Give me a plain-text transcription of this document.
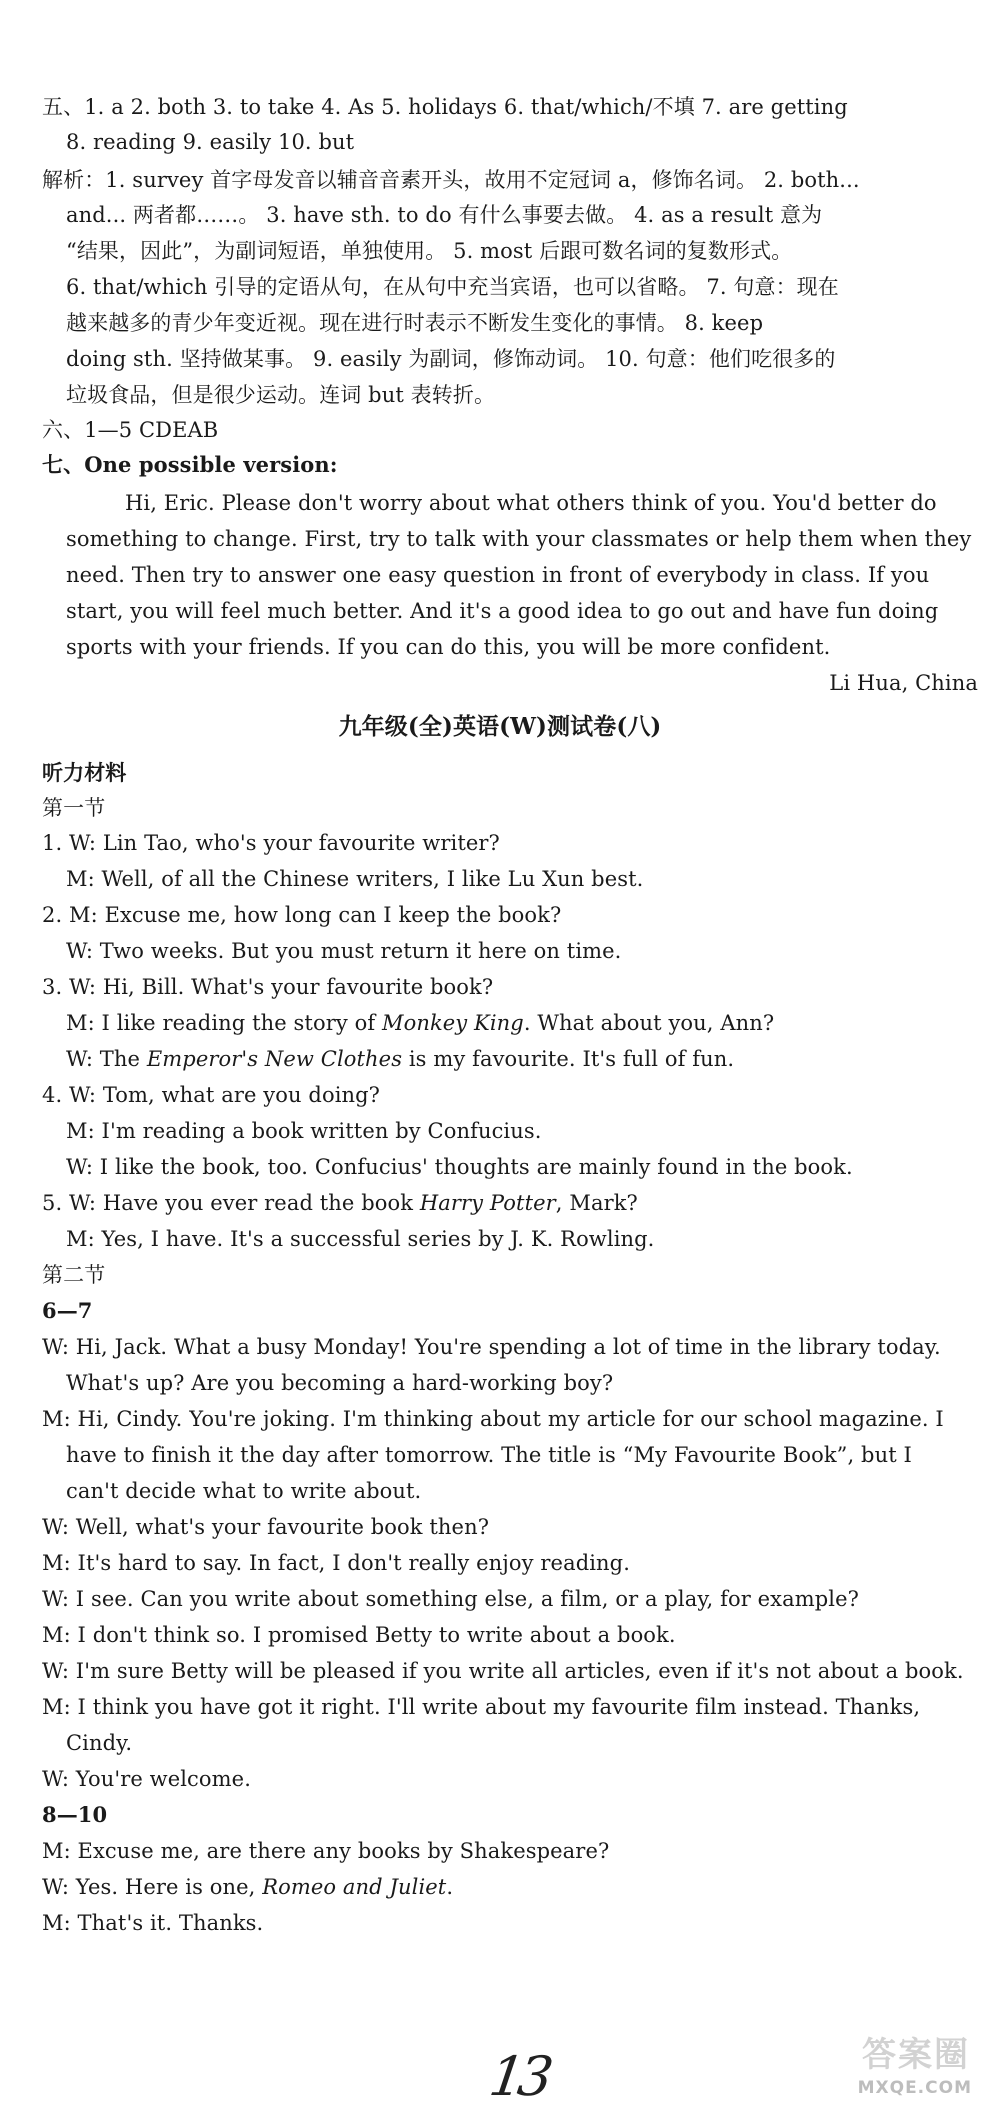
13	答案圈
MXQE.COM
五、1. a 2. both 3. to take 4. As 5. holidays 6. that/which/不填 7. are getting
8. reading 9. easily 10. but
解析：1. survey 首字母发音以辅音音素开头，故用不定冠词 a，修饰名词。 2. both...
and... 两者都……。 3. have sth. to do 有什么事要去做。 4. as a result 意为
“结果，因此”，为副词短语，单独使用。 5. most 后跟可数名词的复数形式。
6. that/which 引导的定语从句，在从句中充当宾语，也可以省略。 7. 句意：现在
越来越多的青少年变近视。现在进行时表示不断发生变化的事情。 8. keep
doing sth. 坚持做某事。 9. easily 为副词，修饰动词。 10. 句意：他们吃很多的
垃圾食品，但是很少运动。连词 but 表转折。
六、1—5 CDEAB
七、One possible version:
Hi, Eric. Please don't worry about what others think of you. You'd better do
something to change. First, try to talk with your classmates or help them when they
need. Then try to answer one easy question in front of everybody in class. If you
start, you will feel much better. And it's a good idea to go out and have fun doing
sports with your friends. If you can do this, you will be more confident.
Li Hua, China
九年级(全)英语(W)测试卷(八)
听力材料
第一节
1. W: Lin Tao, who's your favourite writer?
M: Well, of all the Chinese writers, I like Lu Xun best.
2. M: Excuse me, how long can I keep the book?
W: Two weeks. But you must return it here on time.
3. W: Hi, Bill. What's your favourite book?
M: I like reading the story of Monkey King. What about you, Ann?
W: The Emperor's New Clothes is my favourite. It's full of fun.
4. W: Tom, what are you doing?
M: I'm reading a book written by Confucius.
W: I like the book, too. Confucius' thoughts are mainly found in the book.
5. W: Have you ever read the book Harry Potter, Mark?
M: Yes, I have. It's a successful series by J. K. Rowling.
第二节
6—7
W: Hi, Jack. What a busy Monday! You're spending a lot of time in the library today.
What's up? Are you becoming a hard-working boy?
M: Hi, Cindy. You're joking. I'm thinking about my article for our school magazine. I
have to finish it the day after tomorrow. The title is “My Favourite Book”, but I
can't decide what to write about.
W: Well, what's your favourite book then?
M: It's hard to say. In fact, I don't really enjoy reading.
W: I see. Can you write about something else, a film, or a play, for example?
M: I don't think so. I promised Betty to write about a book.
W: I'm sure Betty will be pleased if you write all articles, even if it's not about a book.
M: I think you have got it right. I'll write about my favourite film instead. Thanks,
Cindy.
W: You're welcome.
8—10
M: Excuse me, are there any books by Shakespeare?
W: Yes. Here is one, Romeo and Juliet.
M: That's it. Thanks.
